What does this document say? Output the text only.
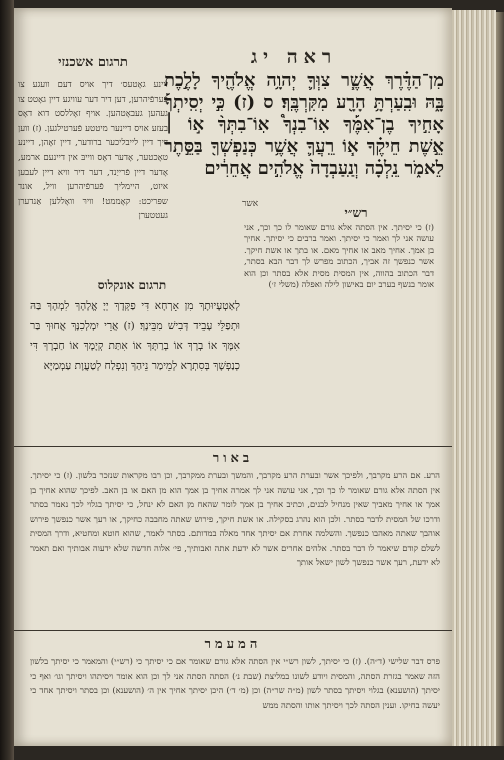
תרגום אשכנזי
זיינע גאָטעס׳ דיך אויס דעם וועגע צו פֿערפֿיהרען, דען דיר דער עוויגע דיין גאָטט צו געהען געבאָטהען. אויף זאָללסט דוא דאָס בעזע אויס דיינער מיטטע פֿערטילגען. (ז) ווען דיך דיין לייבליכער ברודער, דיין זאָהן, דיינע טאָכטער, אָדער דאָס ווייבּ אין דיינעם ארמע, אָדער דיין פֿרייַנד, דער דיר וויא דיין לעבען איזט, היימליך פֿערפֿיהרען וויל, אונד שפּריכט: קאָממט! ווירּ וואָללען אַנדערן געטטערן
ראה יג
מִן־הַדֶּ֗רֶךְ אֲשֶׁ֧ר צִוְּךָ֛ יְהוָ֥ה אֱלֹהֶ֖יךָ לָלֶ֣כֶת בָּ֑הּ וּבִֽעַרְתָּ֥ הָרָ֖ע מִקִּרְבֶּֽךָ׃ ס (ז) כִּ֣י יְסִֽיתְךָ֡ אָחִ֣יךָ בֶן־אִמֶּ֡ךָ אֽוֹ־בִנְךָ֩ אֽוֹ־בִתְּךָ֨ א֣וֹ ׀ אֵ֣שֶׁת חֵיקֶ֗ךָ א֧וֹ רֵֽעֲךָ֛ אֲשֶׁ֥ר כְּנַפְשְׁךָ֖ בַּסֵּ֣תֶר לֵאמֹ֑ר נֵֽלְכָ֗ה וְנַֽעַבְדָה֙ אֱלֹהִ֣ים אֲחֵרִ֔ים
אשר
רש״י
(ז) כי יסיתך. אין הסתה אלא גורם שאומר לו כך וכך, אני עושה אני לך ואמר כי יסיתך. ואמר ברבים כי יסיתך. אחיך בן אמך. אחיך מאב או אחיך מאם. או בתך או אשת חיקך. אשר כנפשך זה אביך, הכתוב מפרש לך דבר הבא בסתר, דבר הכתוב בהווה, אין המסית מסית אלא בסתר וכן הוא אומר בנשף בערב יום באישון לילה ואפלה (משלי ז׳)
תרגום אונקלוס
לְאַטְעָיוּתָךְ מִן אָרְחָא דִּי פַקְּדָךְ יְיָ אֱלָהָךְ לִמְהָךְ בַּהּ וּתְפַלֵּי עָבֵיד דְּבִישׁ מִבֵּינָךְ׃ (ז) אֲרֵי יִמְלְכִנָּךְ אֲחוּךְ בַּר אִמָּךְ אוֹ בְרָךְ אוֹ בְרַתָּךְ אוֹ אִתַּת קְיָמָךְ אוֹ חַבְרָךְ דִּי כְנַפְשָׁךְ בְּסִתְרָא לְמֵימַר נֵיהַךְ וְנִפְלַח לְטַעֲוָת עַמְמַיָּא
באור
הרע. אם הרע מקרבך, ולפיכך אשר ובערת הרע מקרבך, והמשך ובערת ממקרבך, וכן רבו מקראות שנזכר בלשון. (ז) כי יסיתך. אין הסתה אלא גורם שאומר לו כך וכך, אני עושה אני לך אמרה אחיך בן אמך הוא מן האם או בן האב. לפיכך שהוא אחיך בן אמך או אחיך מאביך שאין מנחיל לבנים, וכתיב אחיך בן אמך לומר שהאח מן האם לא ינחל, כי יסיתך בגלוי לכך נאמר בסתר ודרכו של המסית לדבר בסתר. ולכן הוא נהרג בסקילה. או אשת חיקך, פירוש שאתה מחבבה כחיקך, או רעך אשר כנפשך פירוש אוהבך שאתה מאהבו כנפשך. והשלמה אחרת אם יסיתך אחד מאלה במדותם. בסתר לאמר, שהוא חוטא ומחטיא, ודרך המסית לשלם קודם שיאמר לו דבר בסתר. אלהים אחרים אשר לא ידעת אתה ואבותיך, פי׳ אלוה חדשה שלא ידעוה אבותיך ואם תאמר לא ידעת, רעך אשר כנפשך לשון ישאל אותך
המעמר
פרס דבר שלישי (ד״ה). (ז) כי יסיתך, לשון רש״י אין הסתה אלא גורם שאומר אם כי יסיתך כי (רש״י) והמאמר כי יסיתך בלשון הזה שאמר בגזרת הסתה, והמסית ויודע לשונו במליצת (שבת נ׳) הסתה הסתה אני לך וכן הוא אומר ויסיתהו ויסיתך וגו׳ ואף כי יסיתך (הושענא) בגלוי ויסיתך בסתר לשון (מ״ה שר״ה) וכן (מ׳ ד׳) היכן יסיתך אחיך אין ה׳ (הושענא) וכן בסתר ויסיתך אחד כי יעשה בחיקו. וענין הסתה לכך ויסיתך אותו והסתה ממש
